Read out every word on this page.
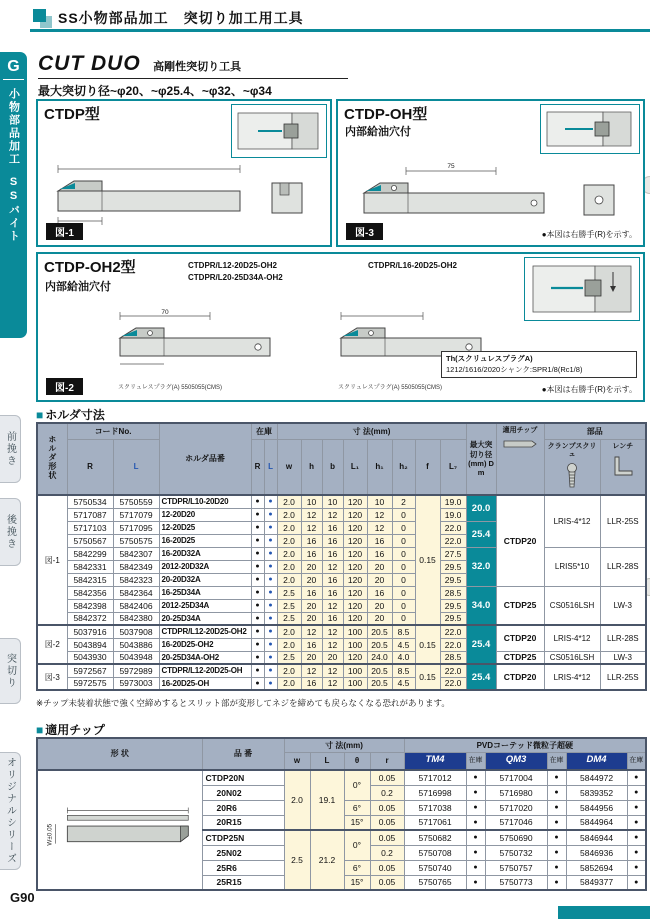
SS小物部品加工　突切り加工用工具
G
小物部品加工
SSバイト
前挽き
後挽き
突切り
オリジナルシリーズ
CUT DUO 高剛性突切り工具
最大突切り径~φ20、~φ25.4、~φ32、~φ34
CTDP型
図-1
CTDP-OH型
内部給油穴付
75
図-3	●本図は右勝手(R)を示す。
CTDP-OH2型
内部給油穴付
CTDPR/L12-20D25-OH2
CTDPR/L20-25D34A-OH2
CTDPR/L16-20D25-OH2
70
スクリュレスプラグ(A) 5505055(CMS)	スクリュレスプラグ(A) 5505055(CMS)
Th(スクリュレスプラグA)
1212/1616/2020シャンク:SPR1/8(Rc1/8)
図-2	●本図は右勝手(R)を示す。
■ ホルダ寸法
ホルダ形状	コードNo.		ホルダ品番	在庫		寸 法(mm)								最大突切り径(mm) Dm	適用チップ	部品	
	R	L		R	L	w	h	b	L₁	h₁	h₂	f	L₇			クランプスクリュ	レンチ

図-1	5750534	5750559	CTDPR/L10-20D20	●	●	2.0	10	10	120	10	2	0.15	19.0	20.0	CTDP20	LRIS-4*12	LLR-25S
	5717087	5717079	12-20D20	●	●	2.0	12	12	120	12	0		19.0				
	5717103	5717095	12-20D25	●	●	2.0	12	16	120	12	0		22.0	25.4			
	5750567	5750575	16-20D25	●	●	2.0	16	16	120	16	0		22.0				
	5842299	5842307	16-20D32A	●	●	2.0	16	16	120	16	0		27.5	32.0		LRIS5*10	LLR-28S
	5842331	5842349	2012-20D32A	●	●	2.0	20	12	120	20	0		29.5				
	5842315	5842323	20-20D32A	●	●	2.0	20	16	120	20	0		29.5				
	5842356	5842364	16-25D34A	●	●	2.5	16	16	120	16	0		28.5	34.0	CTDP25	CS0516LSH	LW-3
	5842398	5842406	2012-25D34A	●	●	2.5	20	12	120	20	0		29.5				
	5842372	5842380	20-25D34A	●	●	2.5	20	16	120	20	0		29.5				
図-2	5037916	5037908	CTDPR/L12-20D25-OH2	●	●	2.0	12	12	100	20.5	8.5	0.15	22.0	25.4	CTDP20	LRIS-4*12	LLR-28S
	5043894	5043886	16-20D25-OH2	●	●	2.0	16	12	100	20.5	4.5		22.0				
	5043930	5043948	20-25D34A-OH2	●	●	2.5	20	20	120	24.0	4.0		28.5		CTDP25	CS0516LSH	LW-3
図-3	5972567	5972989	CTDPR/L12-20D25-OH	●	●	2.0	12	12	100	20.5	8.5	0.15	22.0	25.4	CTDP20	LRIS-4*12	LLR-25S
	5972575	5973003	16-20D25-OH	●	●	2.0	16	12	100	20.5	4.5		22.0				
※チップ未装着状態で強く空締めするとスリット部が変形してネジを締めても戻らなくなる恐れがあります。
■ 適用チップ
形 状	品 番	寸 法(mm)				PVDコーテッド微粒子超硬					
		w	L	θ	r	TM4	在庫	QM3	在庫	DM4	在庫

W±0.05	CTDP20N	2.0	19.1	0°	0.05	5717012	●	5717004	●	5844972	●
	20N02				0.2	5716998	●	5716980	●	5839352	●
	20R6			6°	0.05	5717038	●	5717020	●	5844956	●
	20R15			15°	0.05	5717061	●	5717046	●	5844964	●
	CTDP25N	2.5	21.2	0°	0.05	5750682	●	5750690	●	5846944	●
	25N02				0.2	5750708	●	5750732	●	5846936	●
	25R6			6°	0.05	5750740	●	5750757	●	5852694	●
	25R15			15°	0.05	5750765	●	5750773	●	5849377	●
G90
